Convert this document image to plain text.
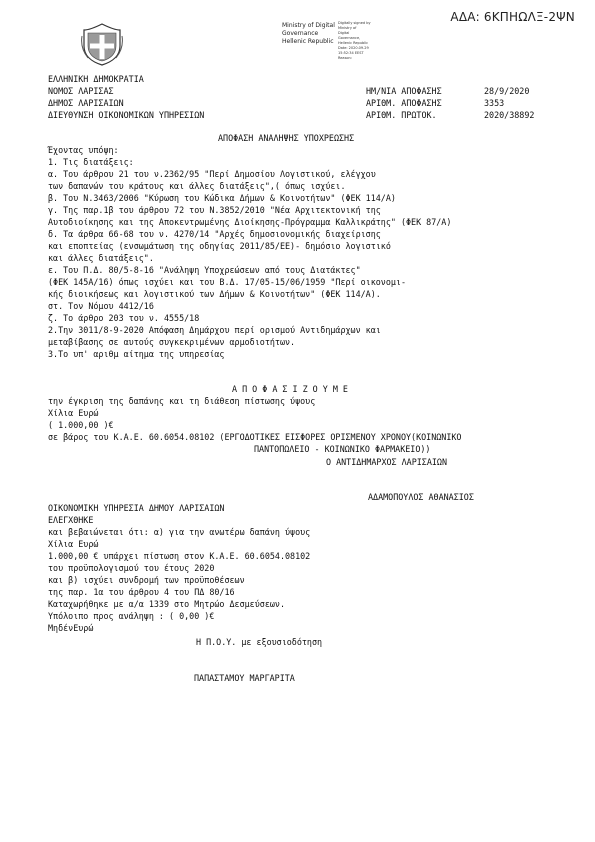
ΑΔΑ: 6ΚΠΗΩΛΞ-2ΨΝ
Ministry of Digital
Governance
Hellenic Republic
Digitally signed by
Ministry of
Digital
Governance,
Hellenic Republic
Date: 2020.09.29
15:52:34 EEST
Reason:
ΕΛΛΗΝΙΚΗ ΔΗΜΟΚΡΑΤΙΑ
ΝΟΜΟΣ ΛΑΡΙΣΑΣ
ΔΗΜΟΣ ΛΑΡΙΣΑΙΩΝ
ΔΙΕΥΘΥΝΣΗ ΟΙΚΟΝΟΜΙΚΩΝ ΥΠΗΡΕΣΙΩΝ
ΗΜ/ΝΙΑ ΑΠΟΦΑΣΗΣ	28/9/2020
ΑΡΙΘΜ. ΑΠΟΦΑΣΗΣ	3353
ΑΡΙΘΜ. ΠΡΩΤΟΚ.	2020/38892
ΑΠΟΦΑΣΗ ΑΝΑΛΗΨΗΣ ΥΠΟΧΡΕΩΣΗΣ
Έχοντας υπόψη:
1. Τις διατάξεις:
α. Του άρθρου 21 του ν.2362/95 "Περί Δημοσίου Λογιστικού, ελέγχου
των δαπανών του κράτους και άλλες διατάξεις",( όπως ισχύει.
β. Του Ν.3463/2006 "Κύρωση του Κώδικα Δήμων & Κοινοτήτων" (ΦΕΚ 114/Α)
γ. Της παρ.1β του άρθρου 72 του Ν.3852/2010 "Νέα Αρχιτεκτονική της
Αυτοδιοίκησης και της Αποκεντρωμένης Διοίκησης-Πρόγραμμα Καλλικράτης" (ΦΕΚ 87/Α)
δ. Τα άρθρα 66-68 του ν. 4270/14 "Αρχές δημοσιονομικής διαχείρισης
και εποπτείας (ενσωμάτωση της οδηγίας 2011/85/ΕΕ)- δημόσιο λογιστικό
και άλλες διατάξεις".
ε. Του Π.Δ. 80/5-8-16 "Ανάληψη Υποχρεώσεων από τους Διατάκτες"
(ΦΕΚ 145Α/16) όπως ισχύει και του Β.Δ. 17/05-15/06/1959 "Περί οικονομι-
κής διοικήσεως και λογιστικού των Δήμων & Κοινοτήτων" (ΦΕΚ 114/Α).
στ. Τον Νόμου 4412/16
ζ. Το άρθρο 203 του ν. 4555/18
2.Την 3011/8-9-2020 Απόφαση Δημάρχου περί ορισμού Αντιδημάρχων και
μεταβίβασης σε αυτούς συγκεκριμένων αρμοδιοτήτων.
3.Το υπ' αριθμ αίτημα της υπηρεσίας
Α Π Ο Φ Α Σ Ι Ζ Ο Υ Μ Ε
την έγκριση της δαπάνης και τη διάθεση πίστωσης ύψους
Χίλια Ευρώ
( 1.000,00 )€
σε βάρος του Κ.Α.Ε. 60.6054.08102 (ΕΡΓΟΔΟΤΙΚΕΣ ΕΙΣΦΟΡΕΣ ΟΡΙΣΜΕΝΟΥ ΧΡΟΝΟΥ(ΚΟΙΝΩΝΙΚΟ
ΠΑΝΤΟΠΩΛΕΙΟ - ΚΟΙΝΩΝΙΚΟ ΦΑΡΜΑΚΕΙΟ))
Ο ΑΝΤΙΔΗΜΑΡΧΟΣ ΛΑΡΙΣΑΙΩΝ
ΑΔΑΜΟΠΟΥΛΟΣ ΑΘΑΝΑΣΙΟΣ
ΟΙΚΟΝΟΜΙΚΗ ΥΠΗΡΕΣΙΑ ΔΗΜΟΥ ΛΑΡΙΣΑΙΩΝ
ΕΛΕΓΧΘΗΚΕ
και βεβαιώνεται ότι: α) για την ανωτέρω δαπάνη ύψους
Χίλια Ευρώ
1.000,00 € υπάρχει πίστωση στον Κ.Α.Ε. 60.6054.08102
του προϋπολογισμού του έτους 2020
και β) ισχύει συνδρομή των προϋποθέσεων
της παρ. 1α του άρθρου 4 του ΠΔ 80/16
Καταχωρήθηκε με α/α 1339 στο Μητρώο Δεσμεύσεων.
Υπόλοιπο προς ανάληψη : ( 0,00 )€
ΜηδένΕυρώ
Η Π.Ο.Υ. με εξουσιοδότηση
ΠΑΠΑΣΤΑΜΟΥ ΜΑΡΓΑΡΙΤΑ
